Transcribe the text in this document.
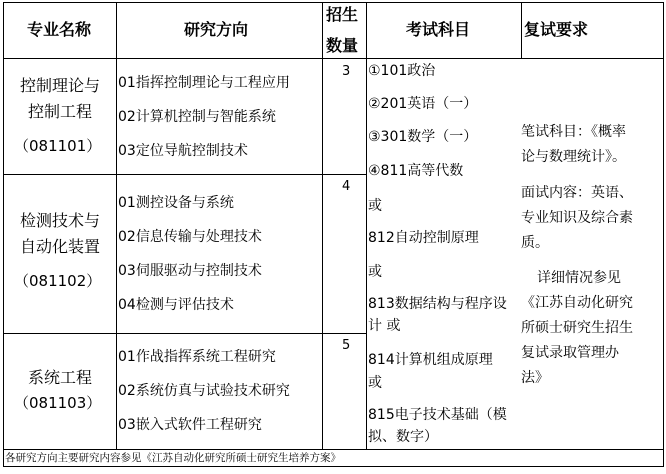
专业名称	研究方向
招生
数量
考试科目	复试要求
控制理论与
控制工程
（081101）
3
01指挥控制理论与工程应用
02计算机控制与智能系统
03定位导航控制技术
检测技术与
自动化装置
（081102）
4
01测控设备与系统
02信息传输与处理技术
03伺服驱动与控制技术
04检测与评估技术
系统工程
（081103）
5
01作战指挥系统工程研究
02系统仿真与试验技术研究
03嵌入式软件工程研究
①101政治
②201英语（一）
③301数学（一）
④811高等代数
或
812自动控制原理
或
813数据结构与程序设
计 或
814计算机组成原理
或
815电子技术基础（模
拟、数字）
笔试科目：《概率
论与数理统计》。
面试内容：英语、
专业知识及综合素
质。
详细情况参见
《江苏自动化研究
所硕士研究生招生
复试录取管理办
法》
各研究方向主要研究内容参见《江苏自动化研究所硕士研究生培养方案》
